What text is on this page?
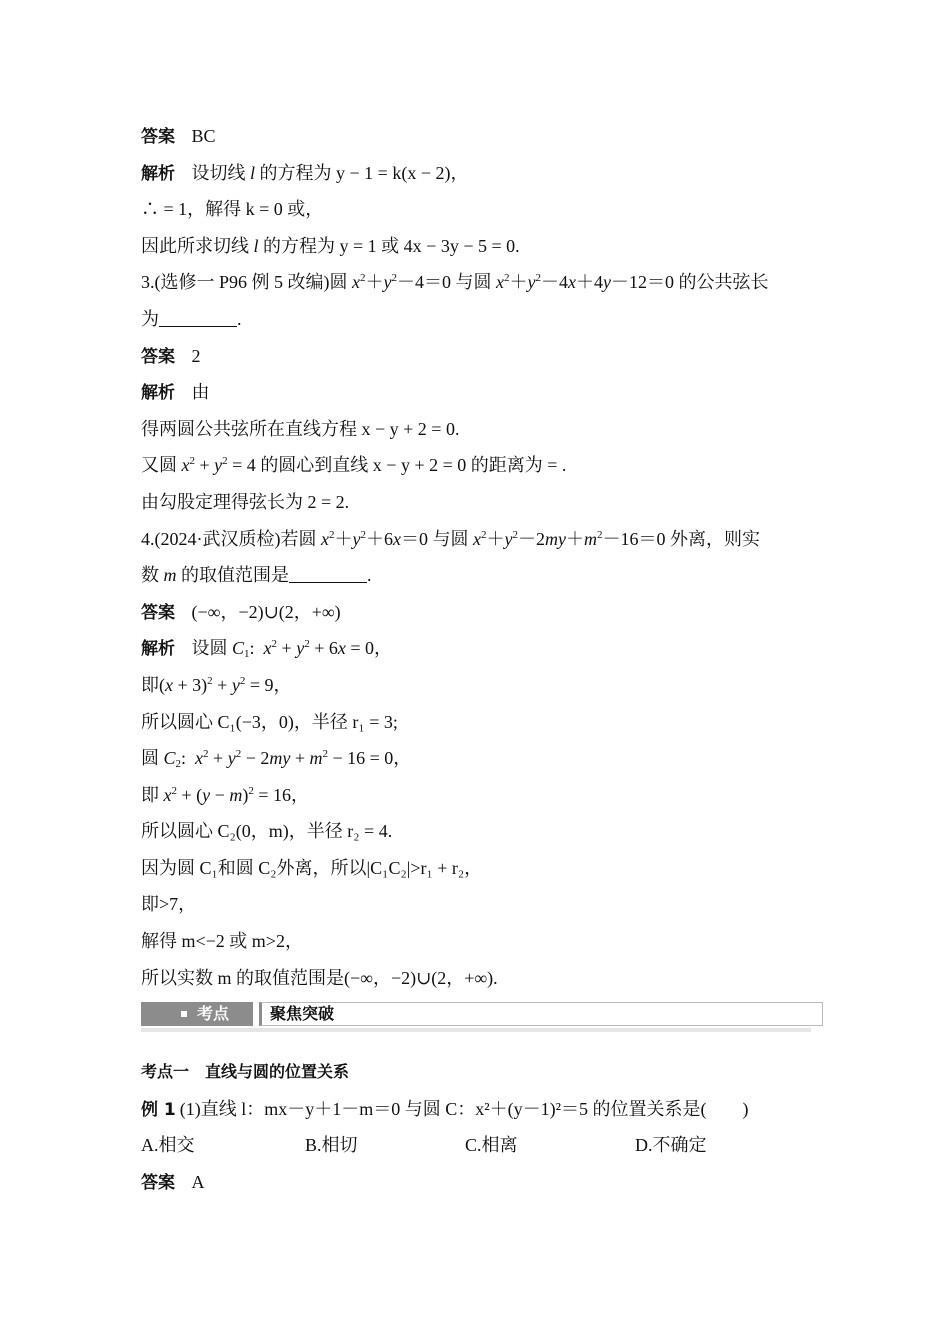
答案 BC
解析 设切线 l 的方程为 y − 1 = k(x − 2)，
∴ = 1，解得 k = 0 或，
因此所求切线 l 的方程为 y = 1 或 4x − 3y − 5 = 0.
3.(选修一 P96 例 5 改编)圆 $x^2+y^2-4=0$ 与圆 $x^2+y^2-4x+4y-12=0$ 的公共弦长
为	.
答案 2
解析 由
得两圆公共弦所在直线方程 x − y + 2 = 0.
又圆 $x^2 + y^2 = 4$ 的圆心到直线 x − y + 2 = 0 的距离为 = .
由勾股定理得弦长为 2 = 2.
4.(2024·武汉质检)若圆 $x^2+y^2+6x=0$ 与圆 $x^2+y^2-2my+m^2-16=0$ 外离，则实
数 m 的取值范围是	.
答案 (−∞，−2)∪(2，+∞)
解析 设圆 $C_1$:  $x^2 + y^2 + 6x = 0$，
即$(x + 3)^2 + y^2 = 9$，
所以圆心 C₁(−3，0)，半径 r₁ = 3;
圆 $C_2$:  $x^2 + y^2 - 2my + m^2 - 16 = 0$，
即 $x^2 + (y - m)^2 = 16$，
所以圆心 C₂(0，m)，半径 r₂ = 4.
因为圆 C₁和圆 C₂外离，所以|C₁C₂|>r₁ + r₂，
即>7，
解得 m<−2 或 m>2，
所以实数 m 的取值范围是(−∞，−2)∪(2，+∞).
考点	聚焦突破
考点一　直线与圆的位置关系
例 1 (1)直线 l：mx－y＋1－m＝0 与圆 C：x²＋(y－1)²＝5 的位置关系是(　　)
A.相交	B.相切	C.相离	D.不确定
答案 A
